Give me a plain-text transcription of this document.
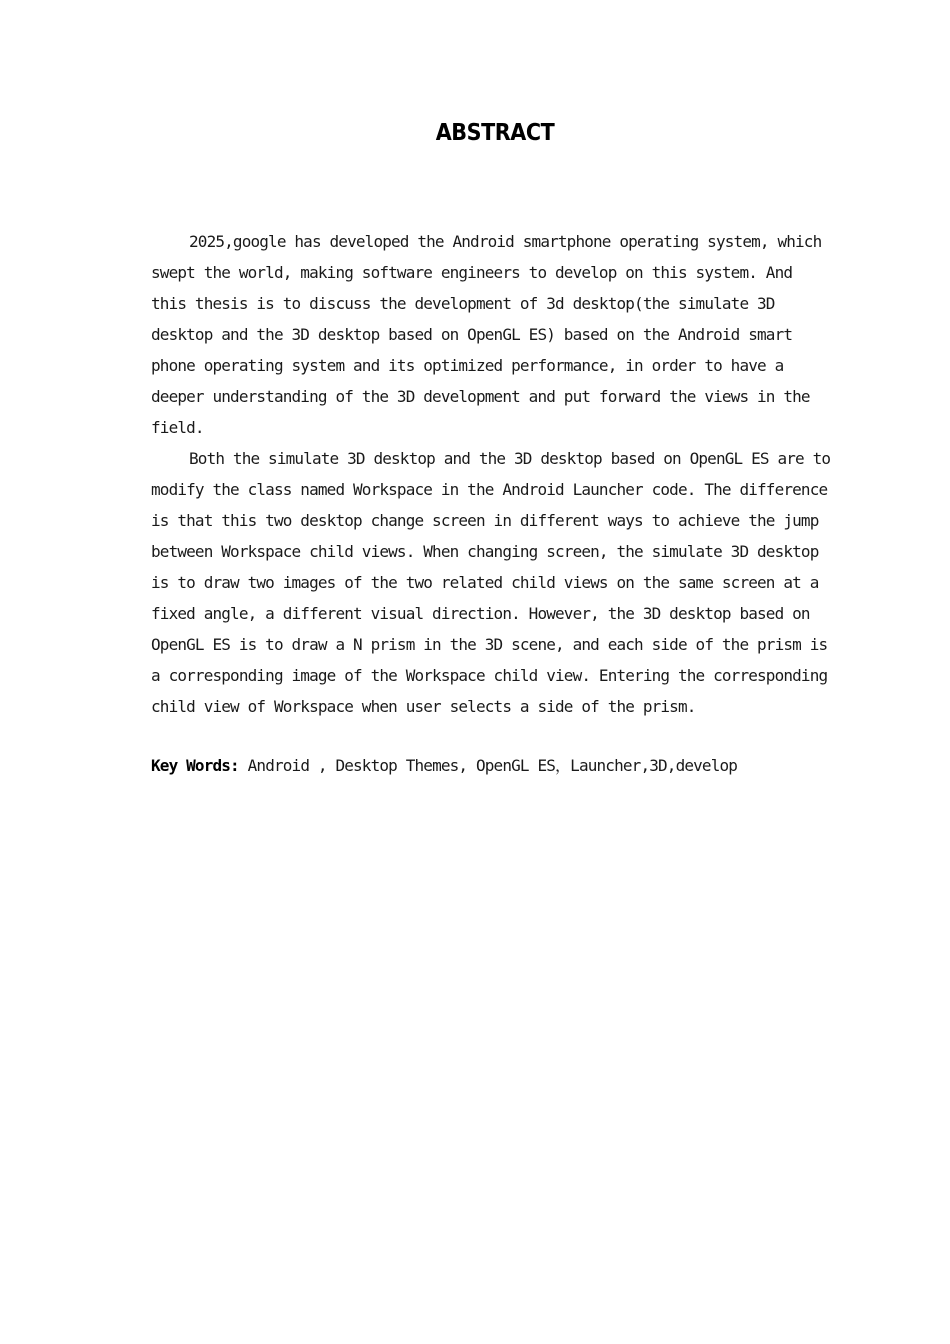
ABSTRACT
2025,google has developed the Android smartphone operating system, which
swept the world, making software engineers to develop on this system. And
this thesis is to discuss the development of 3d desktop(the simulate 3D
desktop and the 3D desktop based on OpenGL ES) based on the Android smart
phone operating system and its optimized performance, in order to have a
deeper understanding of the 3D development and put forward the views in the
field.
Both the simulate 3D desktop and the 3D desktop based on OpenGL ES are to
modify the class named Workspace in the Android Launcher code. The difference
is that this two desktop change screen in different ways to achieve the jump
between Workspace child views. When changing screen, the simulate 3D desktop
is to draw two images of the two related child views on the same screen at a
fixed angle, a different visual direction. However, the 3D desktop based on
OpenGL ES is to draw a N prism in the 3D scene, and each side of the prism is
a corresponding image of the Workspace child view. Entering the corresponding
child view of Workspace when user selects a side of the prism.
Key Words: Android , Desktop Themes, OpenGL ES，Launcher,3D,develop
